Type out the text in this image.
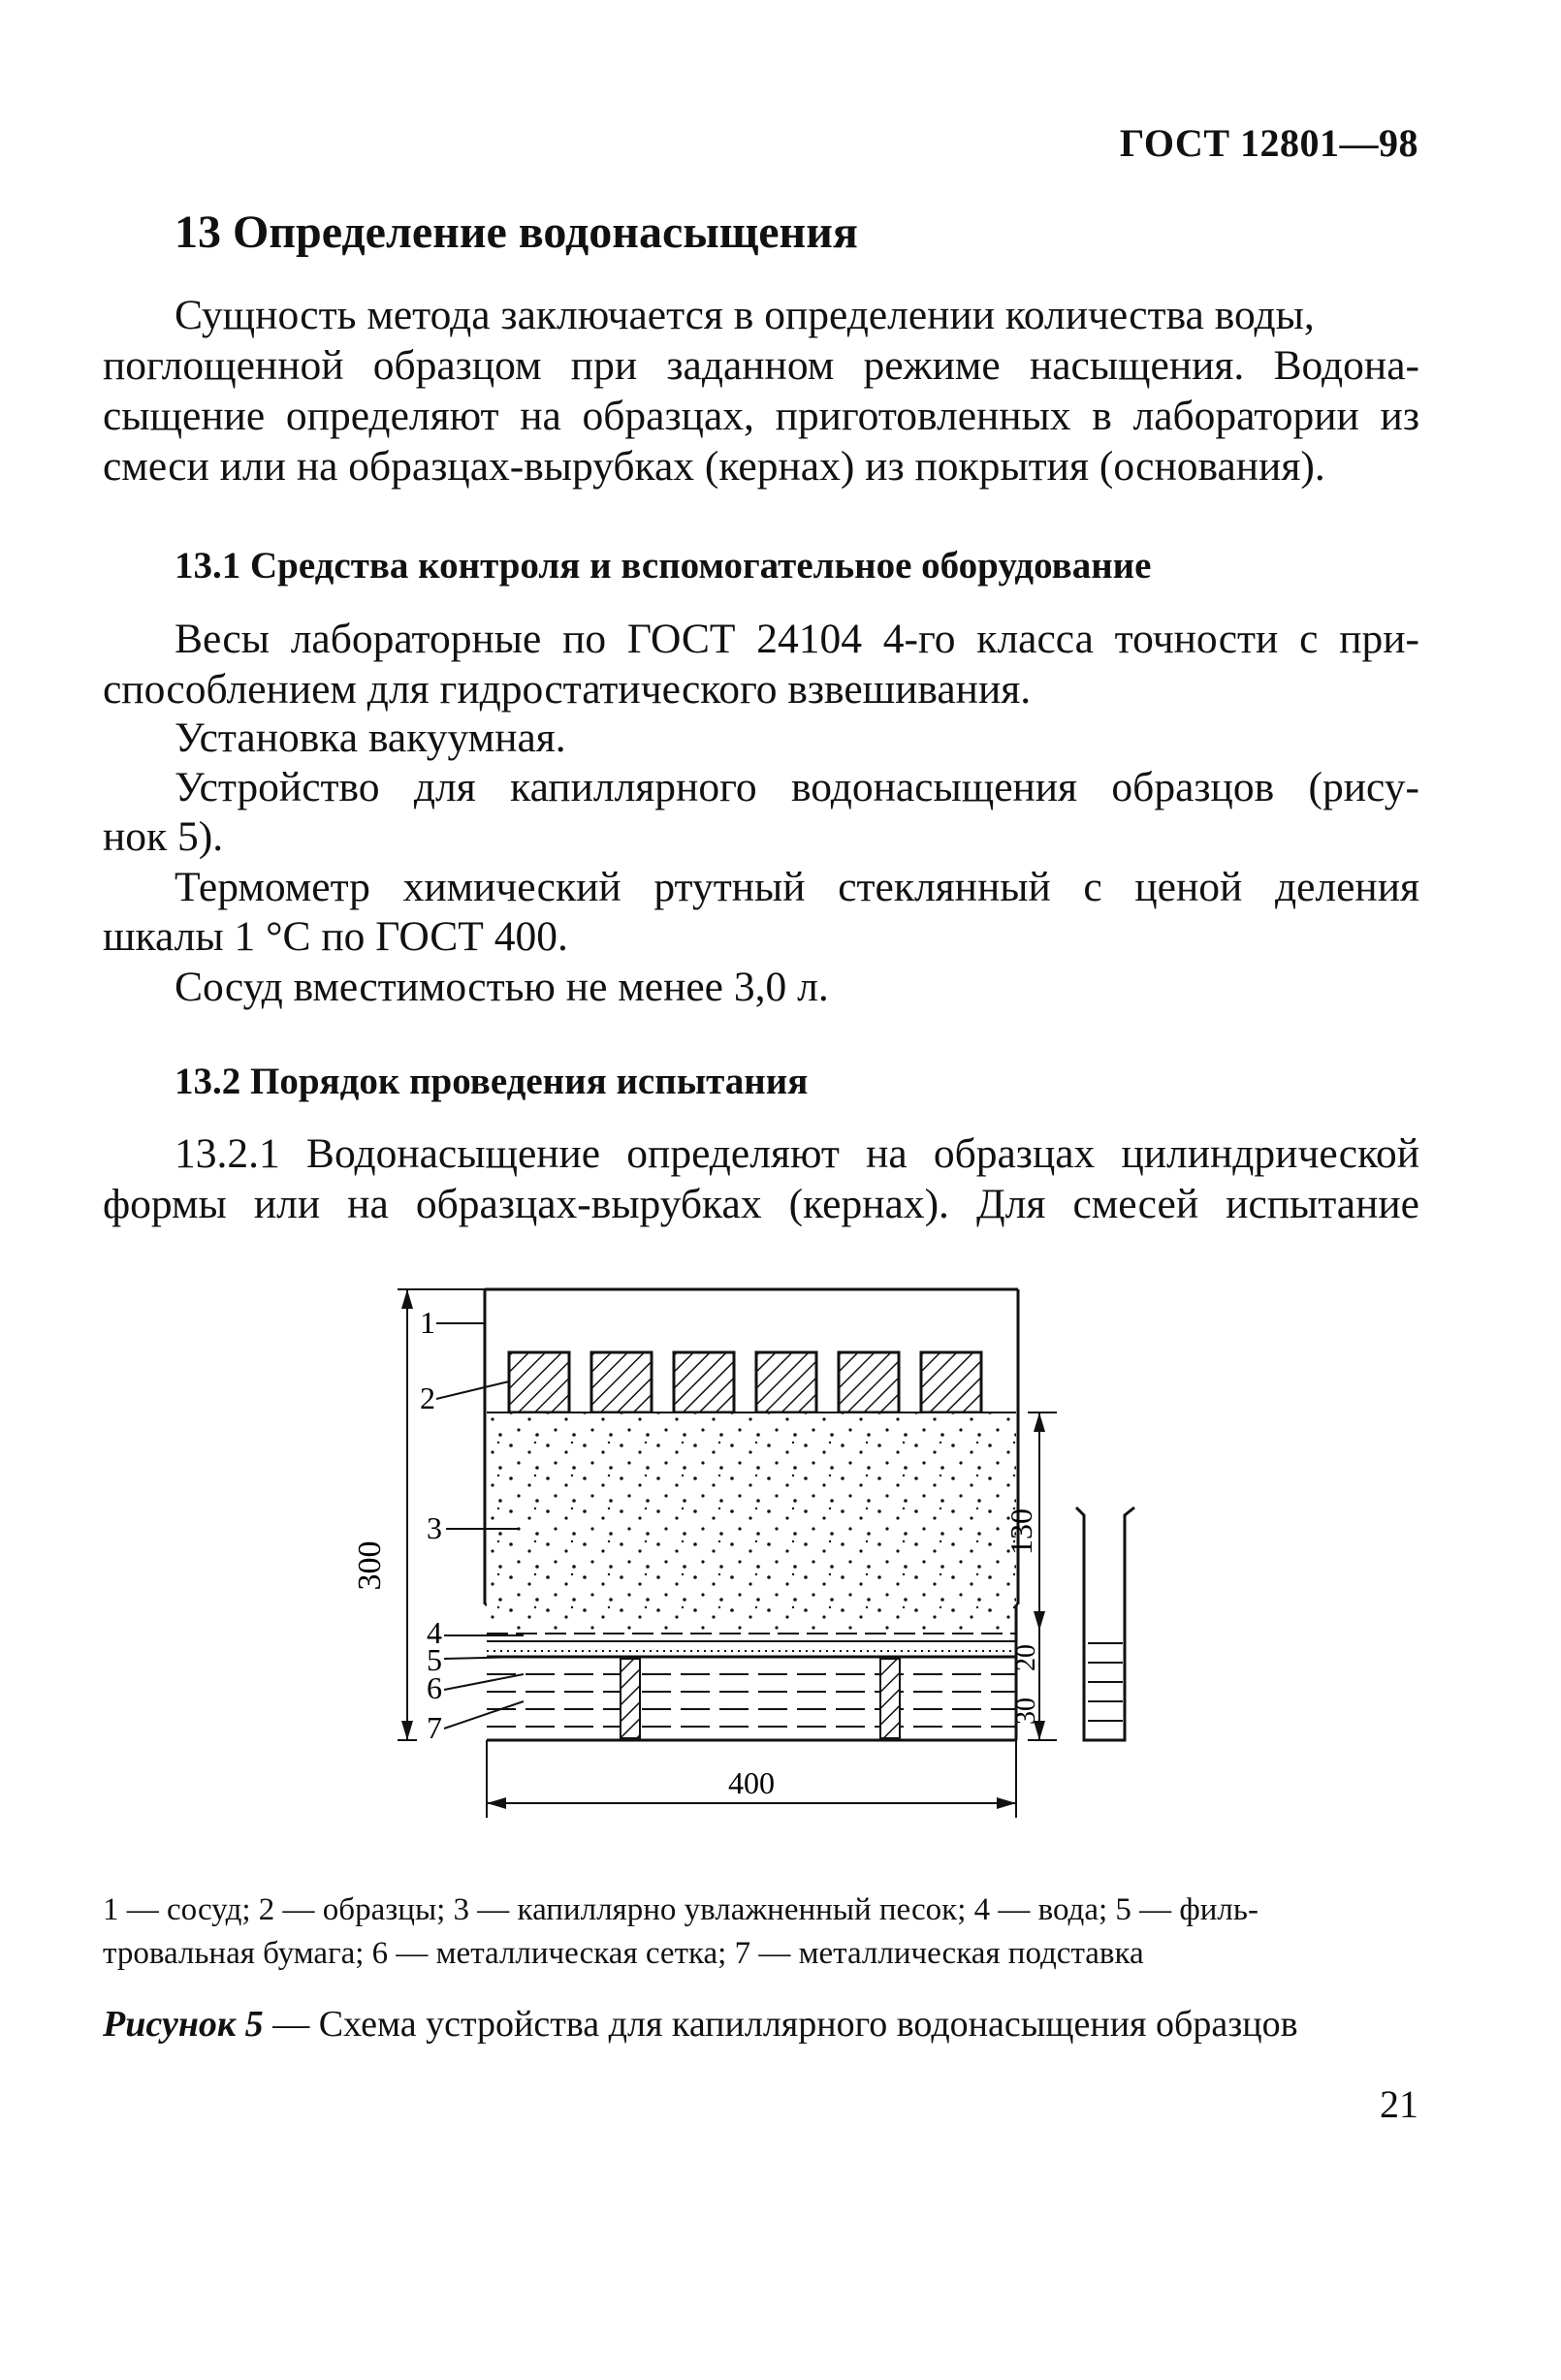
ГОСТ 12801—98
13 Определение водонасыщения

Сущность метода заключается в определении количества воды,

поглощенной образцом при заданном режиме насыщения. Водона-

сыщение определяют на образцах, приготовленных в лаборатории из

смеси или на образцах-вырубках (кернах) из покрытия (основания).

13.1 Средства контроля и вспомогательное оборудование

Весы лабораторные по ГОСТ 24104 4-го класса точности с при-

способлением для гидростатического взвешивания.

Установка вакуумная.

Устройство для капиллярного водонасыщения образцов (рису-

нок 5).

Термометр химический ртутный стеклянный с ценой деления

шкалы 1 °С по ГОСТ 400.

Сосуд вместимостью не менее 3,0 л.

13.2 Порядок проведения испытания

13.2.1 Водонасыщение определяют на образцах цилиндрической

формы или на образцах-вырубках (кернах). Для смесей испытание

300
1
2
3
4
5
6
7
130
20
30
400

1 — сосуд; 2 — образцы; 3 — капиллярно увлажненный песок; 4 — вода; 5 — филь-

тровальная бумага; 6 — металлическая сетка; 7 — металлическая подставка

Рисунок 5 — Схема устройства для капиллярного водонасыщения образцов

21
